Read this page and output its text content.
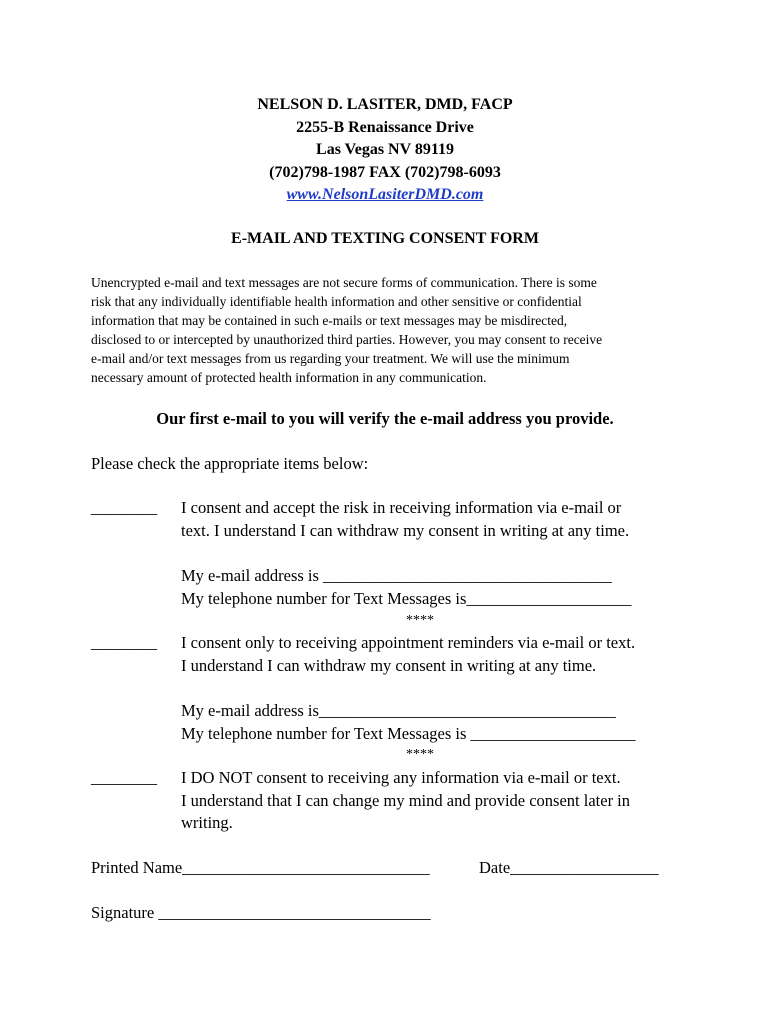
NELSON D. LASITER, DMD, FACP
2255-B Renaissance Drive
Las Vegas NV 89119
(702)798-1987 FAX (702)798-6093
www.NelsonLasiterDMD.com
E-MAIL AND TEXTING CONSENT FORM
Unencrypted e-mail and text messages are not secure forms of communication. There is some
risk that any individually identifiable health information and other sensitive or confidential
information that may be contained in such e-mails or text messages may be misdirected,
disclosed to or intercepted by unauthorized third parties. However, you may consent to receive
e-mail and/or text messages from us regarding your treatment. We will use the minimum
necessary amount of protected health information in any communication.
Our first e-mail to you will verify the e-mail address you provide.
Please check the appropriate items below:
________ I consent and accept the risk in receiving information via e-mail or
text. I understand I can withdraw my consent in writing at any time.
My e-mail address is ___________________________________
My telephone number for Text Messages is____________________
****
________ I consent only to receiving appointment reminders via e-mail or text.
I understand I can withdraw my consent in writing at any time.
My e-mail address is____________________________________
My telephone number for Text Messages is ____________________
****
________ I DO NOT consent to receiving any information via e-mail or text.
I understand that I can change my mind and provide consent later in
writing.
Printed Name______________________________	Date__________________
Signature _________________________________
